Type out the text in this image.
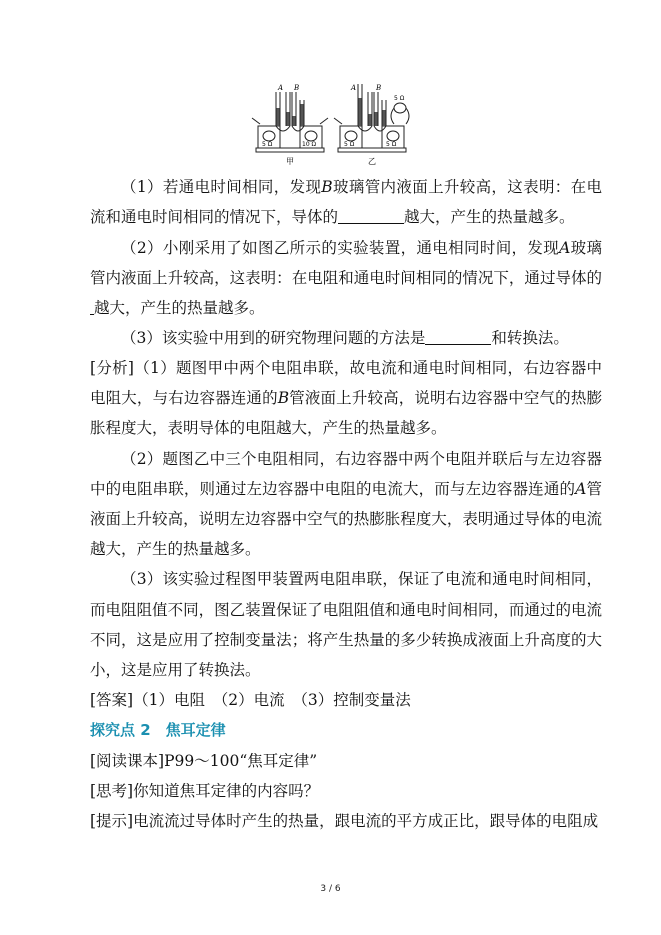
A B
5 Ω	10 Ω
甲
A	B
5 Ω	5 Ω
5 Ω
乙

（1）若通电时间相同，发现B玻璃管内液面上升较高，这表明：在电流和通电时间相同的情况下，导体的	越大，产生的热量越多。

（2）小刚采用了如图乙所示的实验装置，通电相同时间，发现A玻璃管内液面上升较高，这表明：在电阻和通电时间相同的情况下，通过导体的越大，产生的热量越多。

（3）该实验中用到的研究物理问题的方法是	和转换法。

[分析]（1）题图甲中两个电阻串联，故电流和通电时间相同，右边容器中电阻大，与右边容器连通的B管液面上升较高，说明右边容器中空气的热膨胀程度大，表明导体的电阻越大，产生的热量越多。

（2）题图乙中三个电阻相同，右边容器中两个电阻并联后与左边容器中的电阻串联，则通过左边容器中电阻的电流大，而与左边容器连通的A管液面上升较高，说明左边容器中空气的热膨胀程度大，表明通过导体的电流越大，产生的热量越多。

（3）该实验过程图甲装置两电阻串联，保证了电流和通电时间相同，而电阻阻值不同，图乙装置保证了电阻阻值和通电时间相同，而通过的电流不同，这是应用了控制变量法；将产生热量的多少转换成液面上升高度的大小，这是应用了转换法。

[答案]（1）电阻　（2）电流　（3）控制变量法

探究点 2　焦耳定律

[阅读课本]P99～100“焦耳定律”

[思考]你知道焦耳定律的内容吗？

[提示]电流流过导体时产生的热量，跟电流的平方成正比，跟导体的电阻成

3 / 6
